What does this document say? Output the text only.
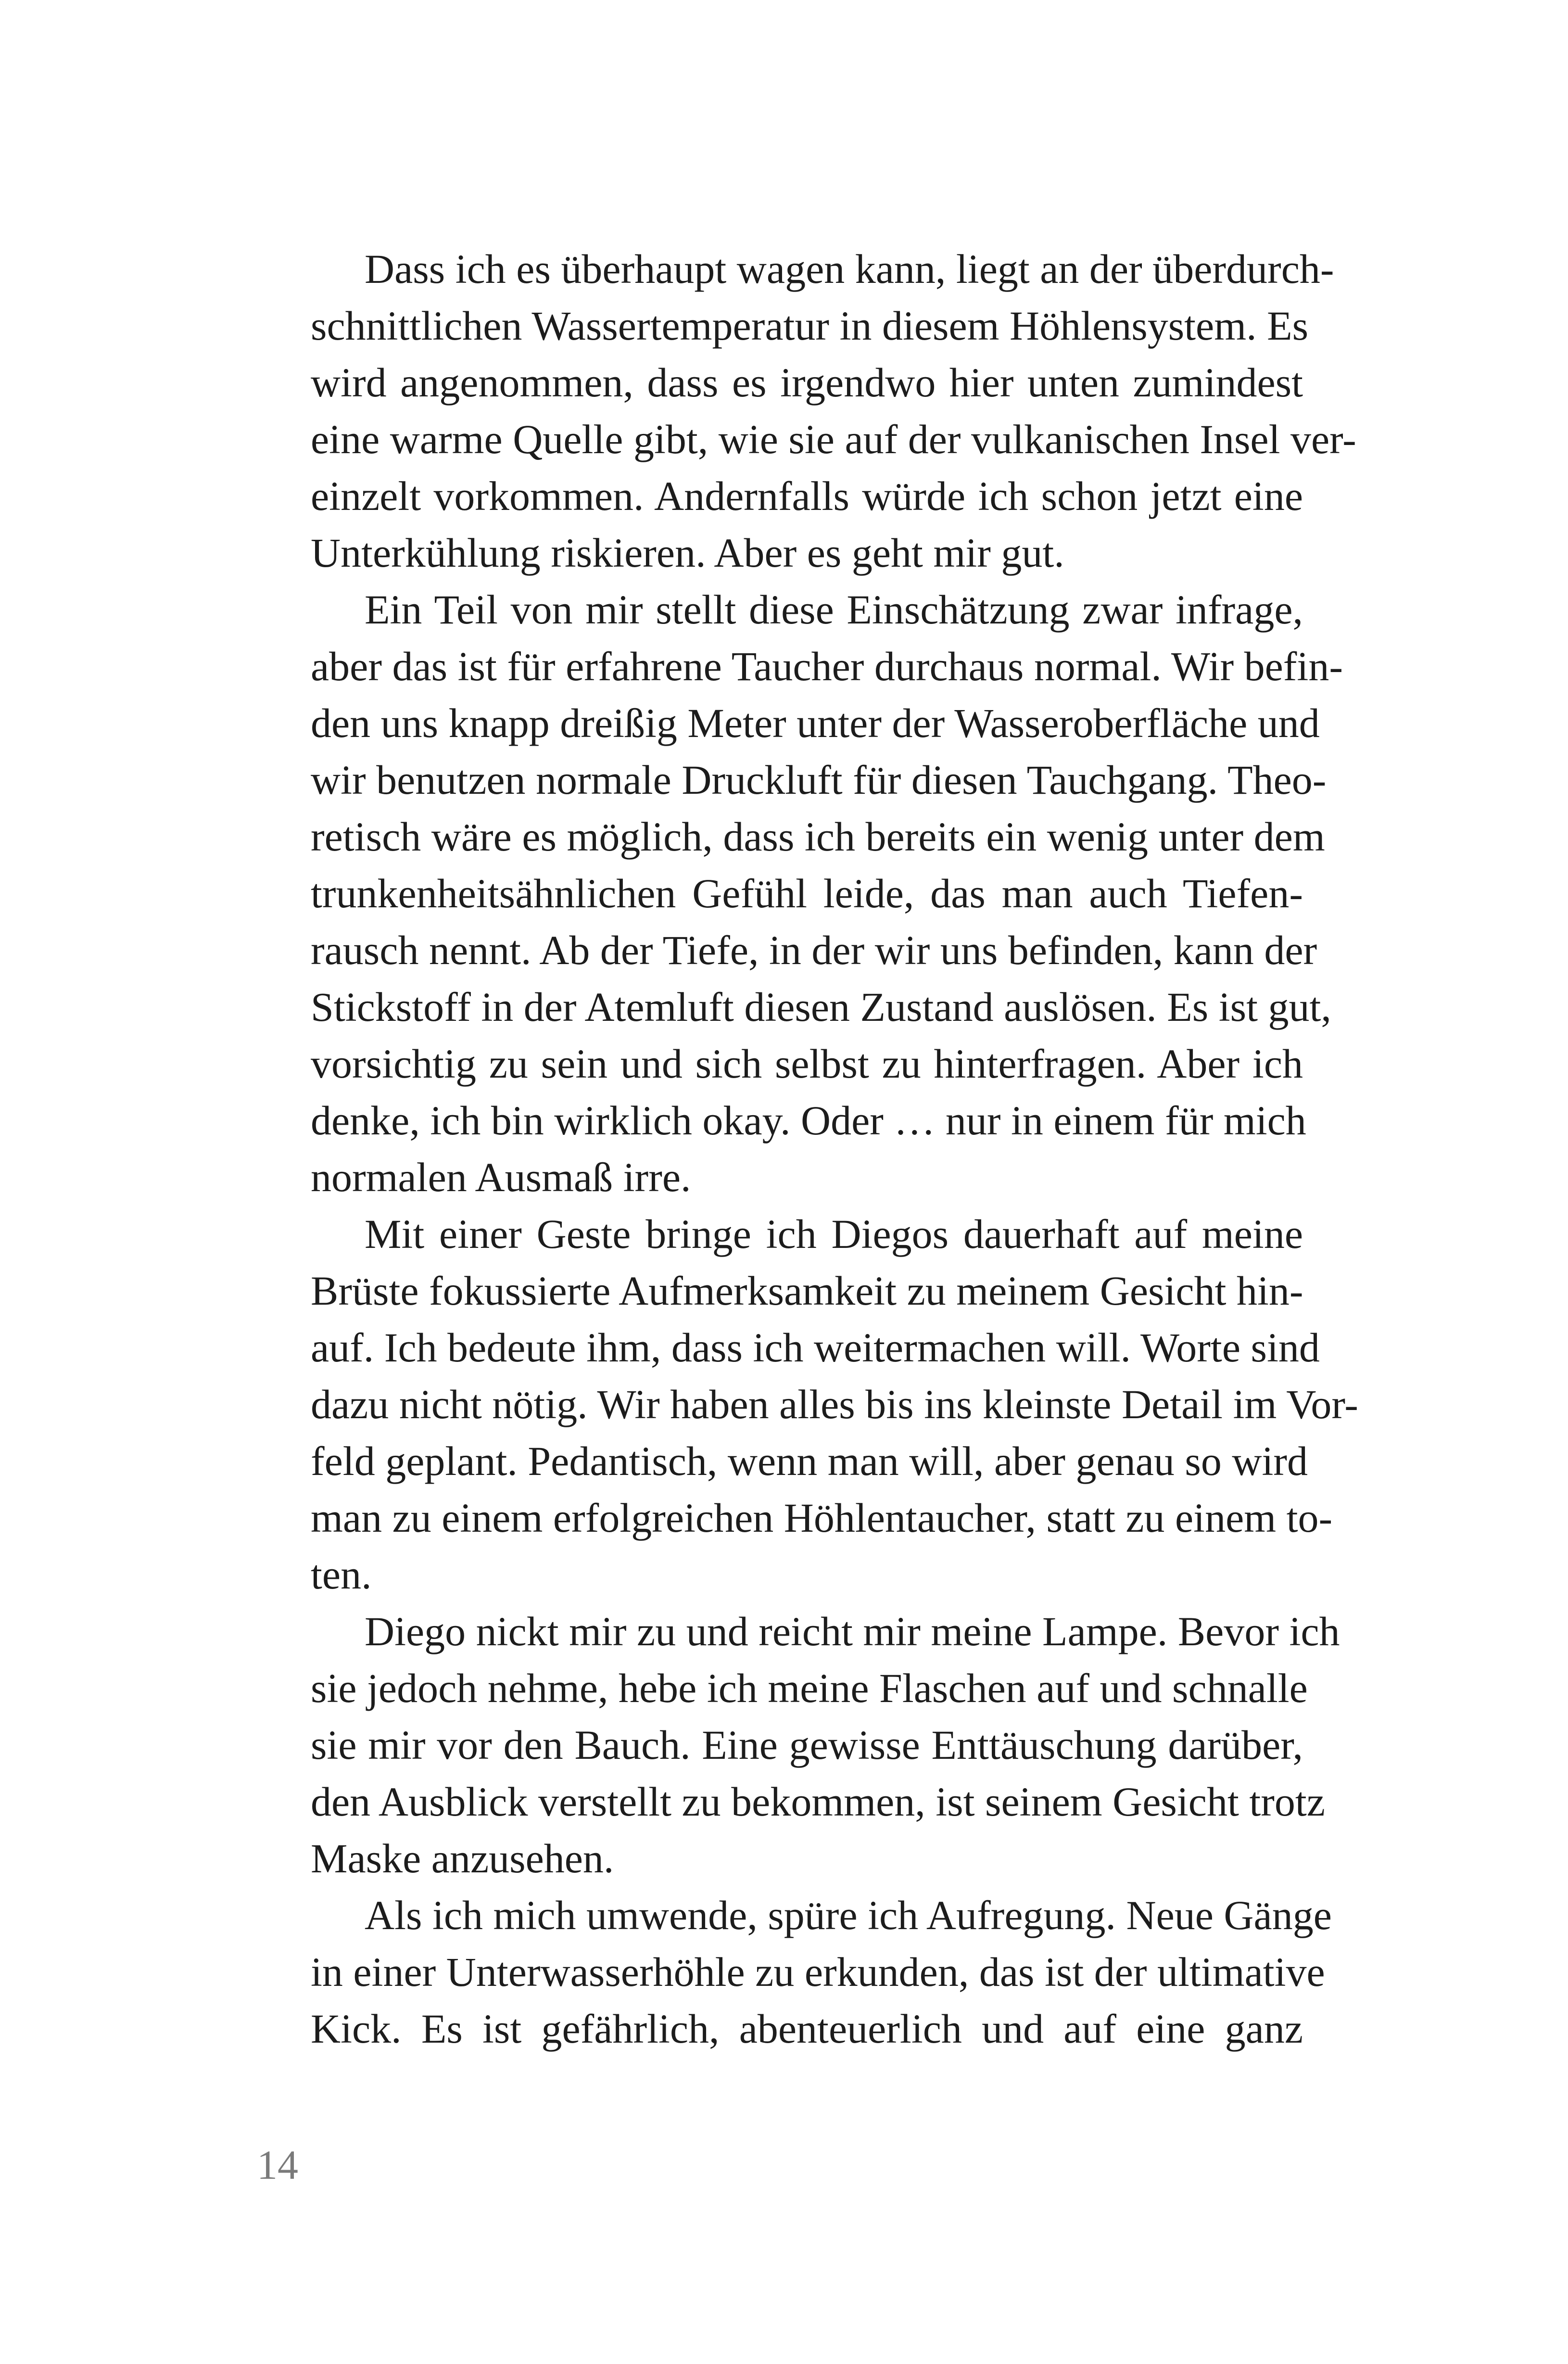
Dass ich es überhaupt wagen kann, liegt an der überdurch-
schnittlichen Wassertemperatur in diesem Höhlensystem. Es
wird angenommen, dass es irgendwo hier unten zumindest
eine warme Quelle gibt, wie sie auf der vulkanischen Insel ver-
einzelt vorkommen. Andernfalls würde ich schon jetzt eine
Unterkühlung riskieren. Aber es geht mir gut.

Ein Teil von mir stellt diese Einschätzung zwar infrage,
aber das ist für erfahrene Taucher durchaus normal. Wir befin-
den uns knapp dreißig Meter unter der Wasseroberfläche und
wir benutzen normale Druckluft für diesen Tauchgang. Theo-
retisch wäre es möglich, dass ich bereits ein wenig unter dem
trunkenheitsähnlichen Gefühl leide, das man auch Tiefen-
rausch nennt. Ab der Tiefe, in der wir uns befinden, kann der
Stickstoff in der Atemluft diesen Zustand auslösen. Es ist gut,
vorsichtig zu sein und sich selbst zu hinterfragen. Aber ich
denke, ich bin wirklich okay. Oder … nur in einem für mich
normalen Ausmaß irre.

Mit einer Geste bringe ich Diegos dauerhaft auf meine
Brüste fokussierte Aufmerksamkeit zu meinem Gesicht hin-
auf. Ich bedeute ihm, dass ich weitermachen will. Worte sind
dazu nicht nötig. Wir haben alles bis ins kleinste Detail im Vor-
feld geplant. Pedantisch, wenn man will, aber genau so wird
man zu einem erfolgreichen Höhlentaucher, statt zu einem to-
ten.

Diego nickt mir zu und reicht mir meine Lampe. Bevor ich
sie jedoch nehme, hebe ich meine Flaschen auf und schnalle
sie mir vor den Bauch. Eine gewisse Enttäuschung darüber,
den Ausblick verstellt zu bekommen, ist seinem Gesicht trotz
Maske anzusehen.

Als ich mich umwende, spüre ich Aufregung. Neue Gänge
in einer Unterwasserhöhle zu erkunden, das ist der ultimative
Kick. Es ist gefährlich, abenteuerlich und auf eine ganz

14
